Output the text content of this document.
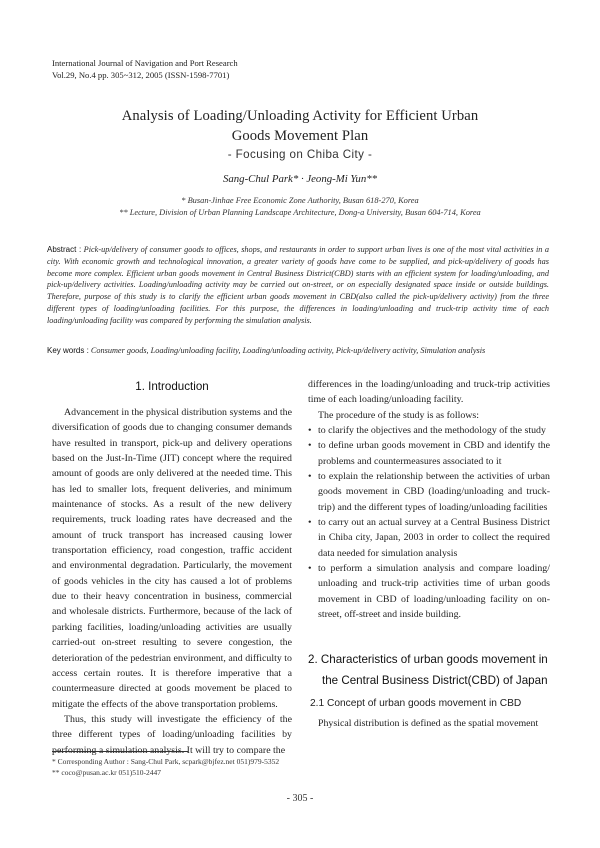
International Journal of Navigation and Port Research
Vol.29, No.4 pp. 305~312, 2005 (ISSN-1598-7701)
Analysis of Loading/Unloading Activity for Efficient Urban
Goods Movement Plan
- Focusing on Chiba City -
Sang-Chul Park* · Jeong-Mi Yun**
* Busan-Jinhae Free Economic Zone Authority, Busan 618-270, Korea
** Lecture, Division of Urban Planning Landscape Architecture, Dong-a University, Busan 604-714, Korea
Abstract : Pick-up/delivery of consumer goods to offices, shops, and restaurants in order to support urban lives is one of the most vital activities in a city. With economic growth and technological innovation, a greater variety of goods have come to be supplied, and pick-up/delivery of goods has become more complex. Efficient urban goods movement in Central Business District(CBD) starts with an efficient system for loading/unloading, and pick-up/delivery activities. Loading/unloading activity may be carried out on-street, or on especially designated space inside or outside buildings. Therefore, purpose of this study is to clarify the efficient urban goods movement in CBD(also called the pick-up/delivery activity) from the three different types of loading/unloading facilities. For this purpose, the differences in loading/unloading and truck-trip activity time of each loading/unloading facility was compared by performing the simulation analysis.
Key words : Consumer goods, Loading/unloading facility, Loading/unloading activity, Pick-up/delivery activity, Simulation analysis
1. Introduction

Advancement in the physical distribution systems and the diversification of goods due to changing consumer demands have resulted in transport, pick-up and delivery operations based on the Just-In-Time (JIT) concept where the required amount of goods are only delivered at the needed time. This has led to smaller lots, frequent deliveries, and minimum maintenance of stocks. As a result of the new delivery requirements, truck loading rates have decreased and the amount of truck transport has increased causing lower transportation efficiency, road congestion, traffic accident and environmental degradation. Particularly, the movement of goods vehicles in the city has caused a lot of problems due to their heavy concentration in business, commercial and wholesale districts. Furthermore, because of the lack of parking facilities, loading/unloading activities are usually carried-out on-street resulting to severe congestion, the deterioration of the pedestrian environment, and difficulty to access certain routes. It is therefore imperative that a countermeasure directed at goods movement be placed to mitigate the effects of the above transportation problems.

Thus, this study will investigate the efficiency of the three different types of loading/unloading facilities by performing a simulation analysis. It will try to compare the

differences in the loading/unloading and truck-trip activities time of each loading/unloading facility.

The procedure of the study is as follows:

• to clarify the objectives and the methodology of the study
• to define urban goods movement in CBD and identify the problems and countermeasures associated to it
• to explain the relationship between the activities of urban goods movement in CBD (loading/unloading and truck-trip) and the different types of loading/unloading facilities
• to carry out an actual survey at a Central Business District in Chiba city, Japan, 2003 in order to collect the required data needed for simulation analysis
• to perform a simulation analysis and compare loading/ unloading and truck-trip activities time of urban goods movement in CBD of loading/unloading facility on on-street, off-street and inside building.
2. Characteristics of urban goods movement in
the Central Business District(CBD) of Japan
2.1 Concept of urban goods movement in CBD

Physical distribution is defined as the spatial movement

* Corresponding Author : Sang-Chul Park, scpark@bjfez.net 051)979-5352
** coco@pusan.ac.kr 051)510-2447
- 305 -
